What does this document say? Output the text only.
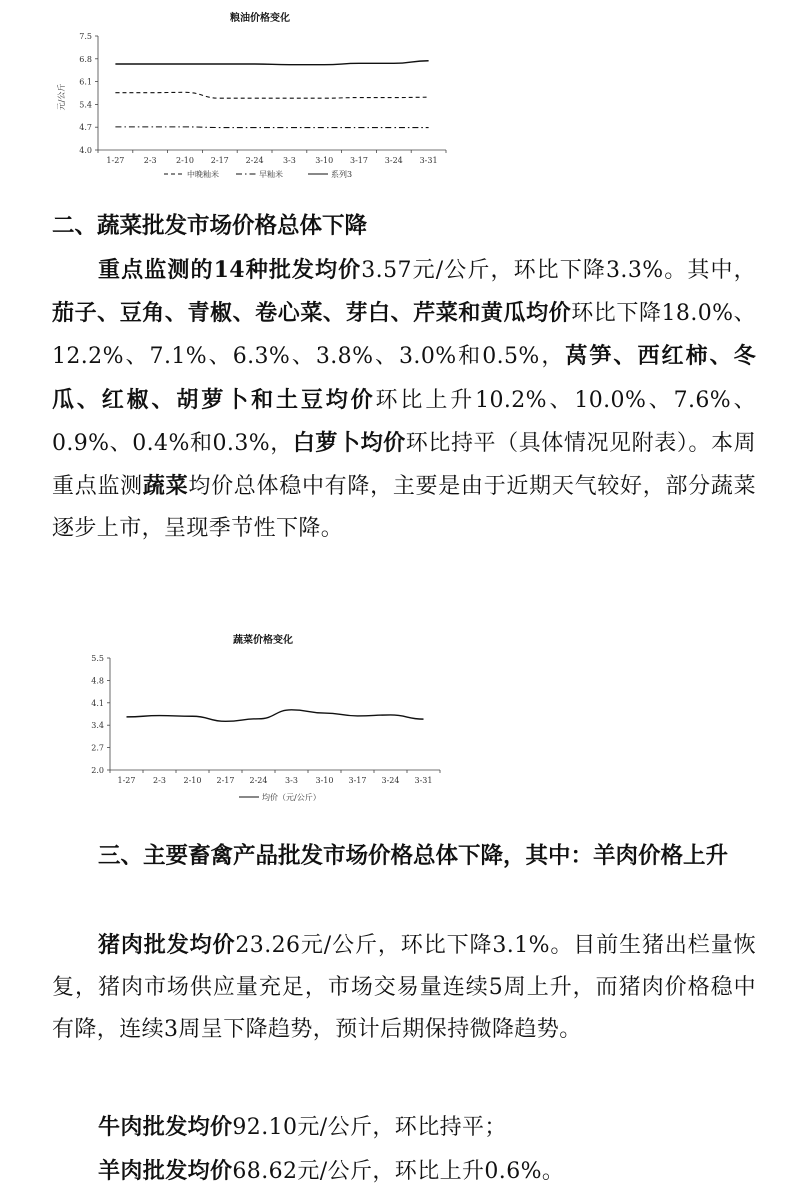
粮油价格变化
元/公斤
4.0
4.7
5.4
6.1
6.8
7.5
1-27 2-3 2-10 2-17 2-24 3-3 3-10 3-17 3-24 3-31
中晚籼米	早籼米	系列3
二、蔬菜批发市场价格总体下降

重点监测的14种批发均价3.57元/公斤，环比下降3.3%。其中，茄子、豆角、青椒、卷心菜、芽白、芹菜和黄瓜均价环比下降18.0%、12.2%、7.1%、6.3%、3.8%、3.0%和0.5%，莴笋、西红柿、冬瓜、红椒、胡萝卜和土豆均价环比上升10.2%、10.0%、7.6%、0.9%、0.4%和0.3%，白萝卜均价环比持平（具体情况见附表）。本周重点监测蔬菜均价总体稳中有降，主要是由于近期天气较好，部分蔬菜逐步上市，呈现季节性下降。

蔬菜价格变化
2.0
2.7
3.4
4.1
4.8
5.5
1-27 2-3 2-10 2-17 2-24 3-3 3-10 3-17 3-24 3-31
均价（元/公斤）
三、主要畜禽产品批发市场价格总体下降，其中：羊肉价格上升

猪肉批发均价23.26元/公斤，环比下降3.1%。目前生猪出栏量恢复，猪肉市场供应量充足，市场交易量连续5周上升，而猪肉价格稳中有降，连续3周呈下降趋势，预计后期保持微降趋势。

牛肉批发均价92.10元/公斤，环比持平；

羊肉批发均价68.62元/公斤，环比上升0.6%。
